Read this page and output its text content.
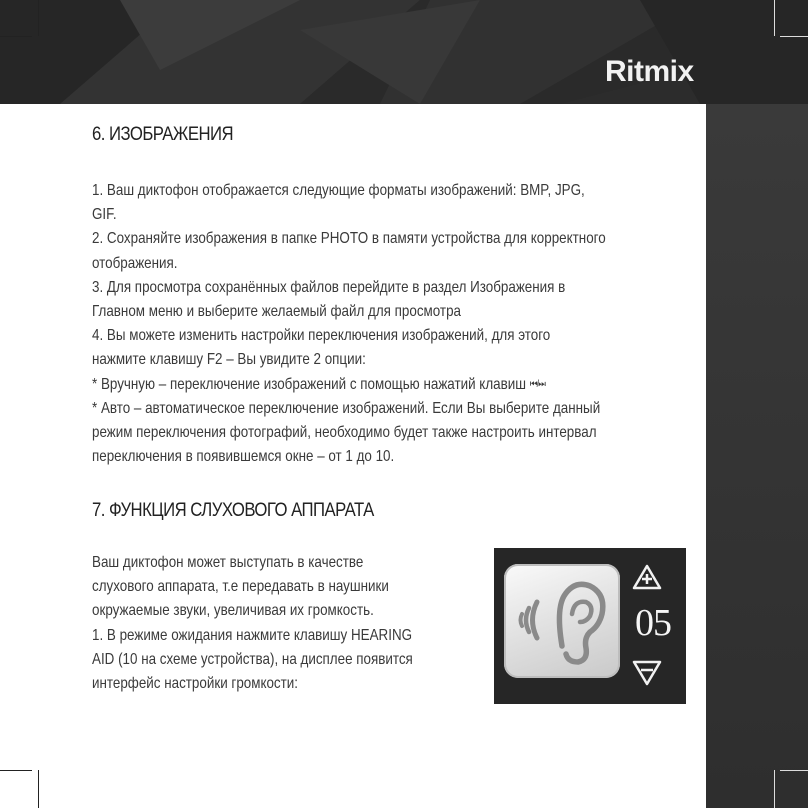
Ritmix
6. ИЗОБРАЖЕНИЯ
1. Ваш диктофон отображается следующие форматы изображений: BMP, JPG,
GIF.
2. Сохраняйте изображения в папке PHOTO в памяти устройства для корректного
отображения.
3. Для просмотра сохранённых файлов перейдите в раздел Изображения в
Главном меню и выберите желаемый файл для просмотра
4. Вы можете изменить настройки переключения изображений, для этого
нажмите клавишу F2 – Вы увидите 2 опции:
* Вручную – переключение изображений с помощью нажатий клавиш ⏮/⏭
* Авто – автоматическое переключение изображений. Если Вы выберите данный
режим переключения фотографий, необходимо будет также настроить интервал
переключения в появившемся окне – от 1 до 10.
7. ФУНКЦИЯ СЛУХОВОГО АППАРАТА
Ваш диктофон может выступать в качестве
слухового аппарата, т.е передавать в наушники
окружаемые звуки, увеличивая их громкость.
1. В режиме ожидания нажмите клавишу HEARING
AID (10 на схеме устройства), на дисплее появится
интерфейс настройки громкости:
05
